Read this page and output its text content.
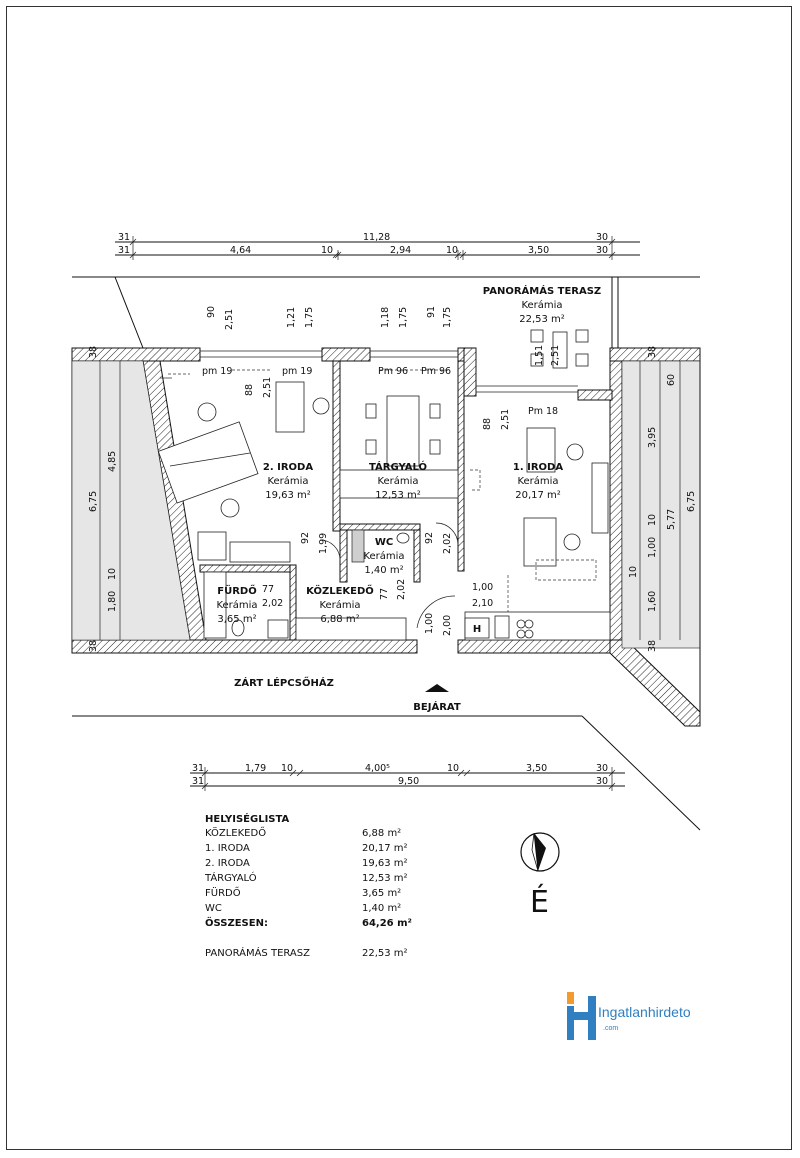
31	11,28	30
31	4,64	10	2,94	10	3,50	30
38
4,85
6,75
10
1,80
38
38
60
3,95
10
1,00
1,60
5,77
6,75
38
10
90 2,51	1,21 1,75	1,18 1,75 91 1,75
1,51 2,51
pm 19	pm 19	Pm 96 Pm 96
Pm 18
88 2,51
88 2,51
92 1,99	92 2,02
77
2,02
77 2,02	1,00
2,10
1,00 2,00
PANORÁMÁS TERASZ
Kerámia
22,53 m²
2. IRODA
Kerámia
19,63 m²
TÁRGYALÓ
Kerámia
12,53 m²
1. IRODA
Kerámia
20,17 m²
WC
Kerámia
1,40 m²
FÜRDŐ
Kerámia
3,65 m²
KÖZLEKEDŐ
Kerámia
6,88 m²
H
ZÁRT LÉPCSŐHÁZ
BEJÁRAT
31	1,79 10	4,00⁵	10	3,50	30
31	9,50	30
HELYISÉGLISTA
KÖZLEKEDŐ	6,88 m²
1. IRODA	20,17 m²
2. IRODA	19,63 m²
TÁRGYALÓ	12,53 m²
FÜRDŐ	3,65 m²
WC	1,40 m²
ÖSSZESEN:	64,26 m²
PANORÁMÁS TERASZ	22,53 m²
É
Ingatlanhirdeto
.com
